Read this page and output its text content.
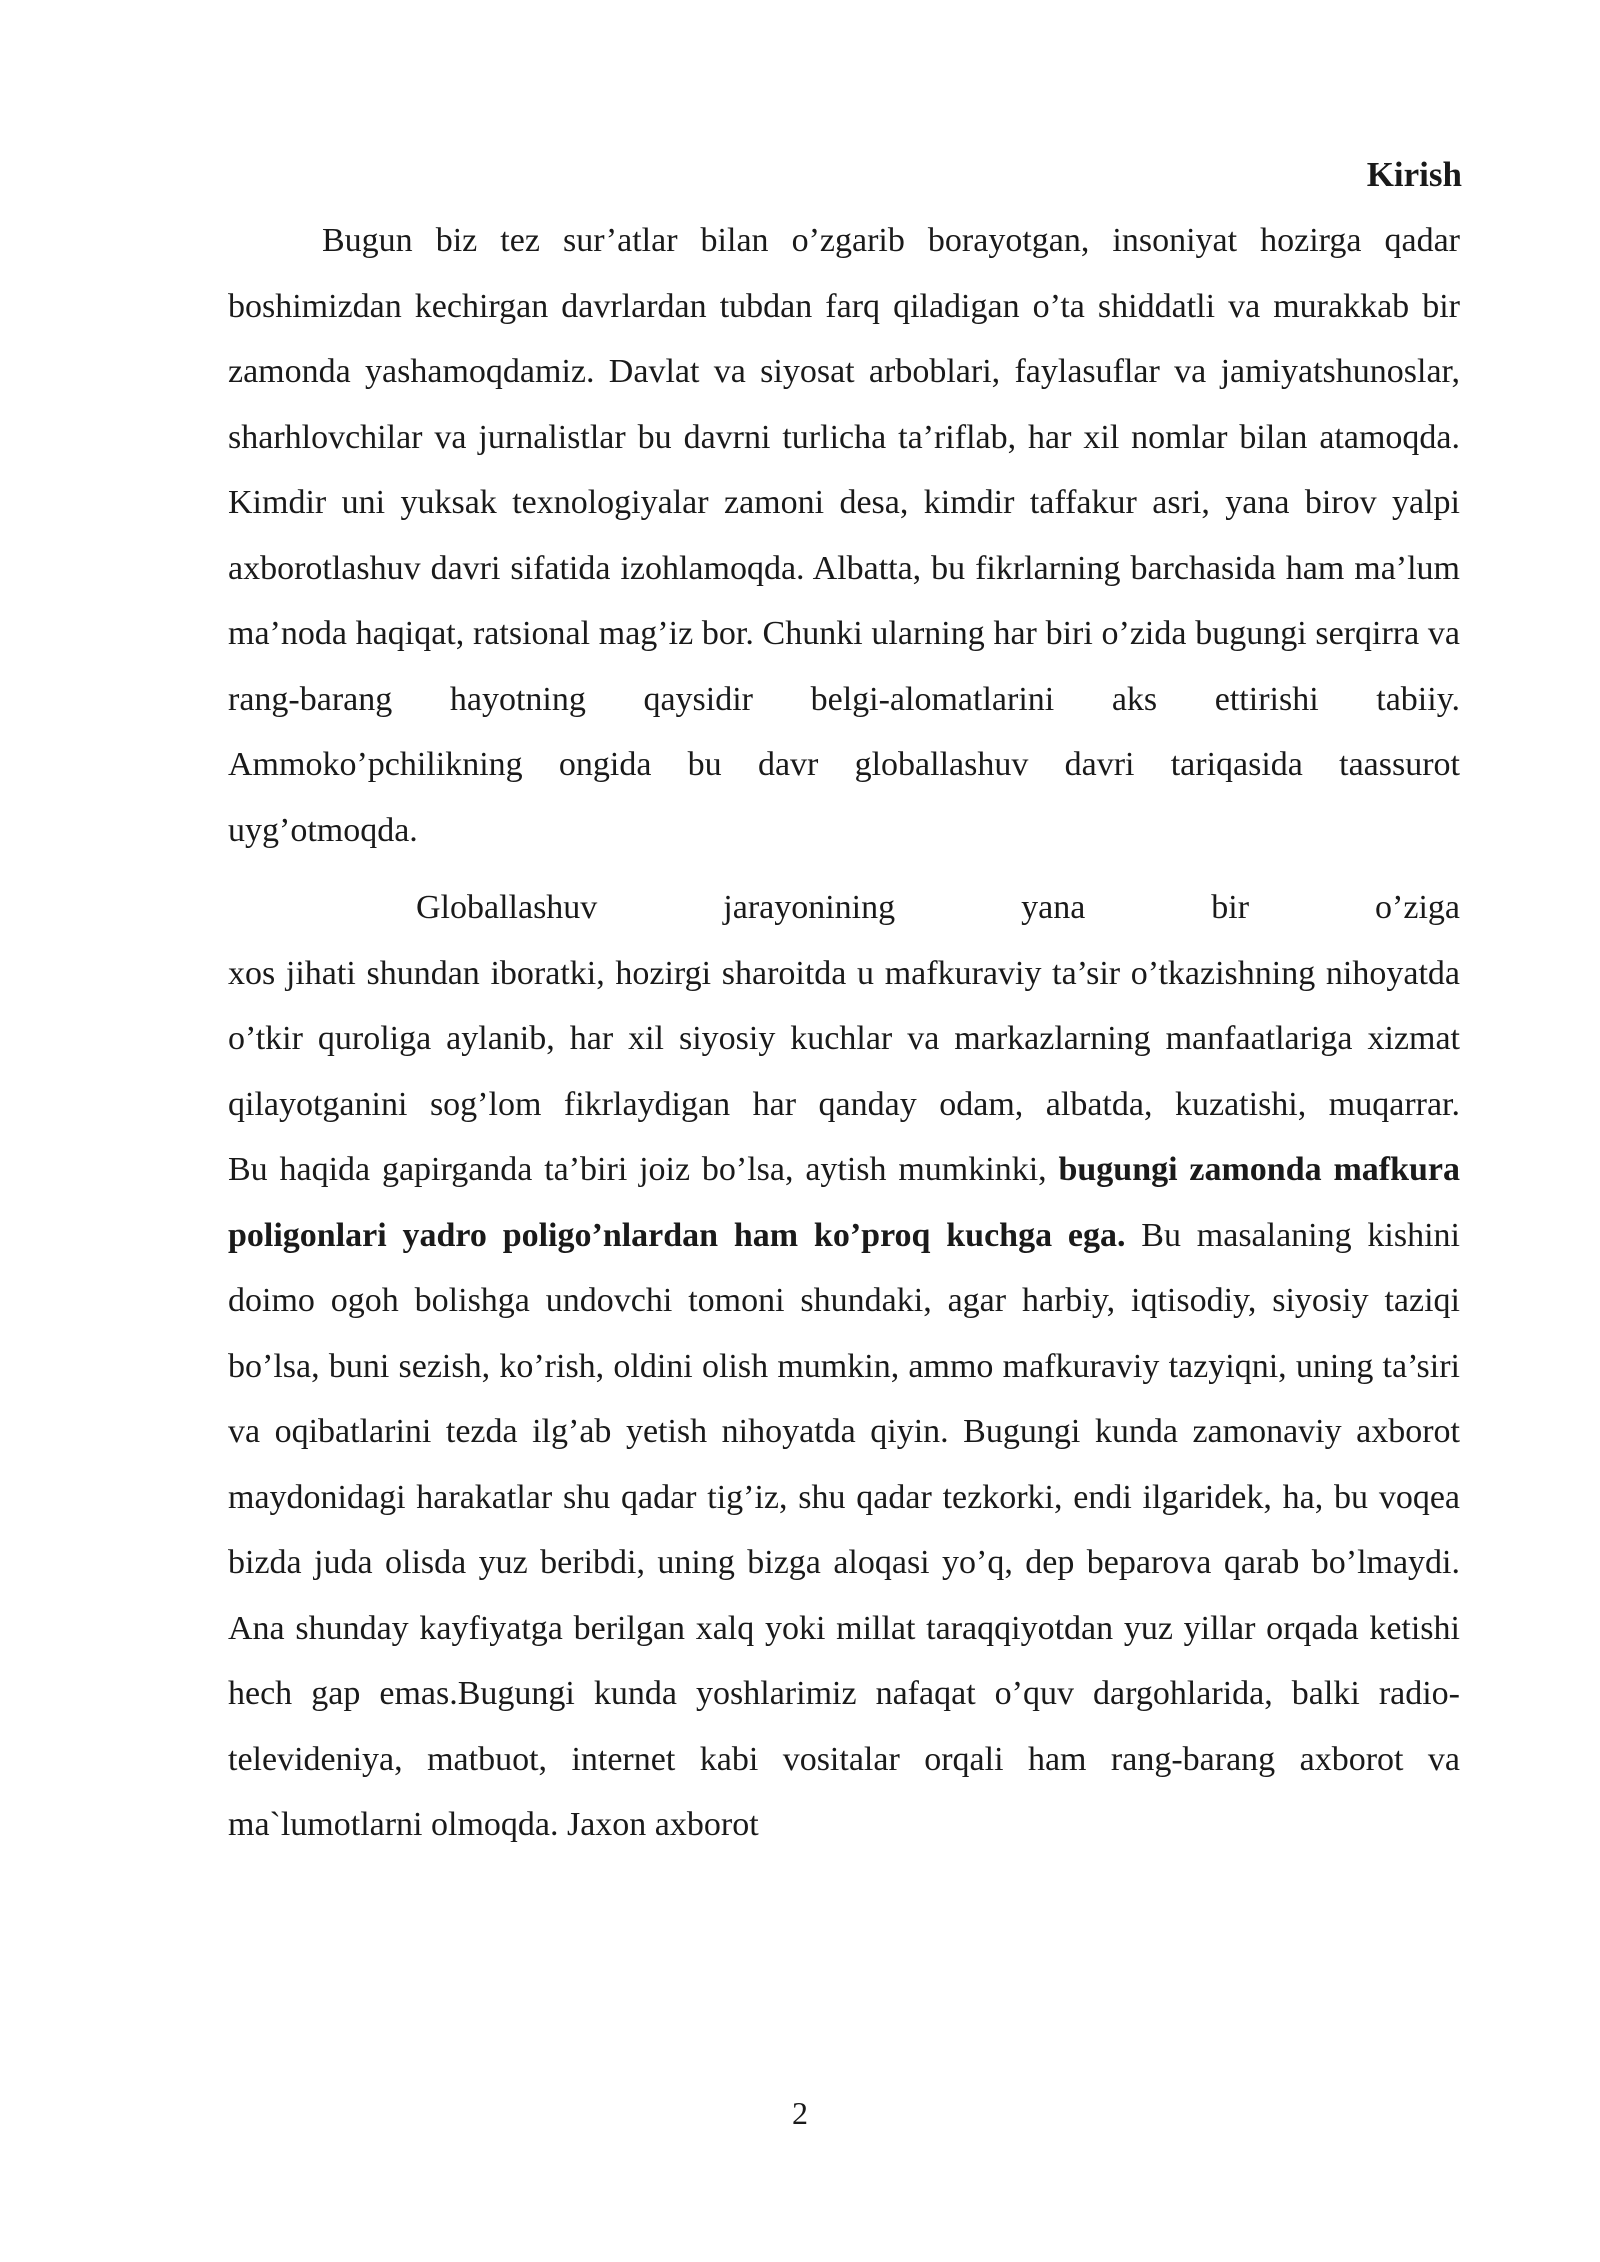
Kirish

Bugun biz tez sur’atlar bilan o’zgarib borayotgan, insoniyat hozirga qadar boshimizdan kechirgan davrlardan tubdan farq qiladigan o’ta shiddatli va murakkab bir zamonda yashamoqdamiz. Davlat va siyosat arboblari, faylasuflar va jamiyatshunoslar, sharhlovchilar va jurnalistlar bu davrni turlicha ta’riflab, har xil nomlar bilan atamoqda. Kimdir uni yuksak texnologiyalar zamoni desa, kimdir taffakur asri, yana birov yalpi axborotlashuv davri sifatida izohlamoqda. Albatta, bu fikrlarning barchasida ham ma’lum ma’noda haqiqat, ratsional mag’iz bor. Chunki ularning har biri o’zida bugungi serqirra va rang-barang hayotning qaysidir belgi-alomatlarini aks ettirishi tabiiy. Ammoko’pchilikning ongida bu davr globallashuv davri tariqasida taassurot uyg’otmoqda.

Globallashuv jarayonining yana bir o’ziga
xos jihati shundan iboratki, hozirgi sharoitda u mafkuraviy ta’sir o’tkazishning nihoyatda o’tkir quroliga aylanib, har xil siyosiy kuchlar va markazlarning manfaatlariga xizmat qilayotganini sog’lom fikrlaydigan har qanday odam, albatda, kuzatishi, muqarrar.
Bu haqida gapirganda ta’biri joiz bo’lsa, aytish mumkinki, bugungi zamonda mafkura poligonlari yadro poligo’nlardan ham ko’proq kuchga ega. Bu masalaning kishini doimo ogoh bolishga undovchi tomoni shundaki, agar harbiy, iqtisodiy, siyosiy taziqi bo’lsa, buni sezish, ko’rish, oldini olish mumkin, ammo mafkuraviy tazyiqni, uning ta’siri va oqibatlarini tezda ilg’ab yetish nihoyatda qiyin. Bugungi kunda zamonaviy axborot maydonidagi harakatlar shu qadar tig’iz, shu qadar tezkorki, endi ilgaridek, ha, bu voqea bizda juda olisda yuz beribdi, uning bizga aloqasi yo’q, dep beparova qarab bo’lmaydi. Ana shunday kayfiyatga berilgan xalq yoki millat taraqqiyotdan yuz yillar orqada ketishi hech gap emas.Bugungi kunda yoshlarimiz nafaqat o’quv dargohlarida, balki radio-televideniya, matbuot, internet kabi vositalar orqali ham rang-barang axborot va ma`lumotlarni olmoqda. Jaxon axborot

2
